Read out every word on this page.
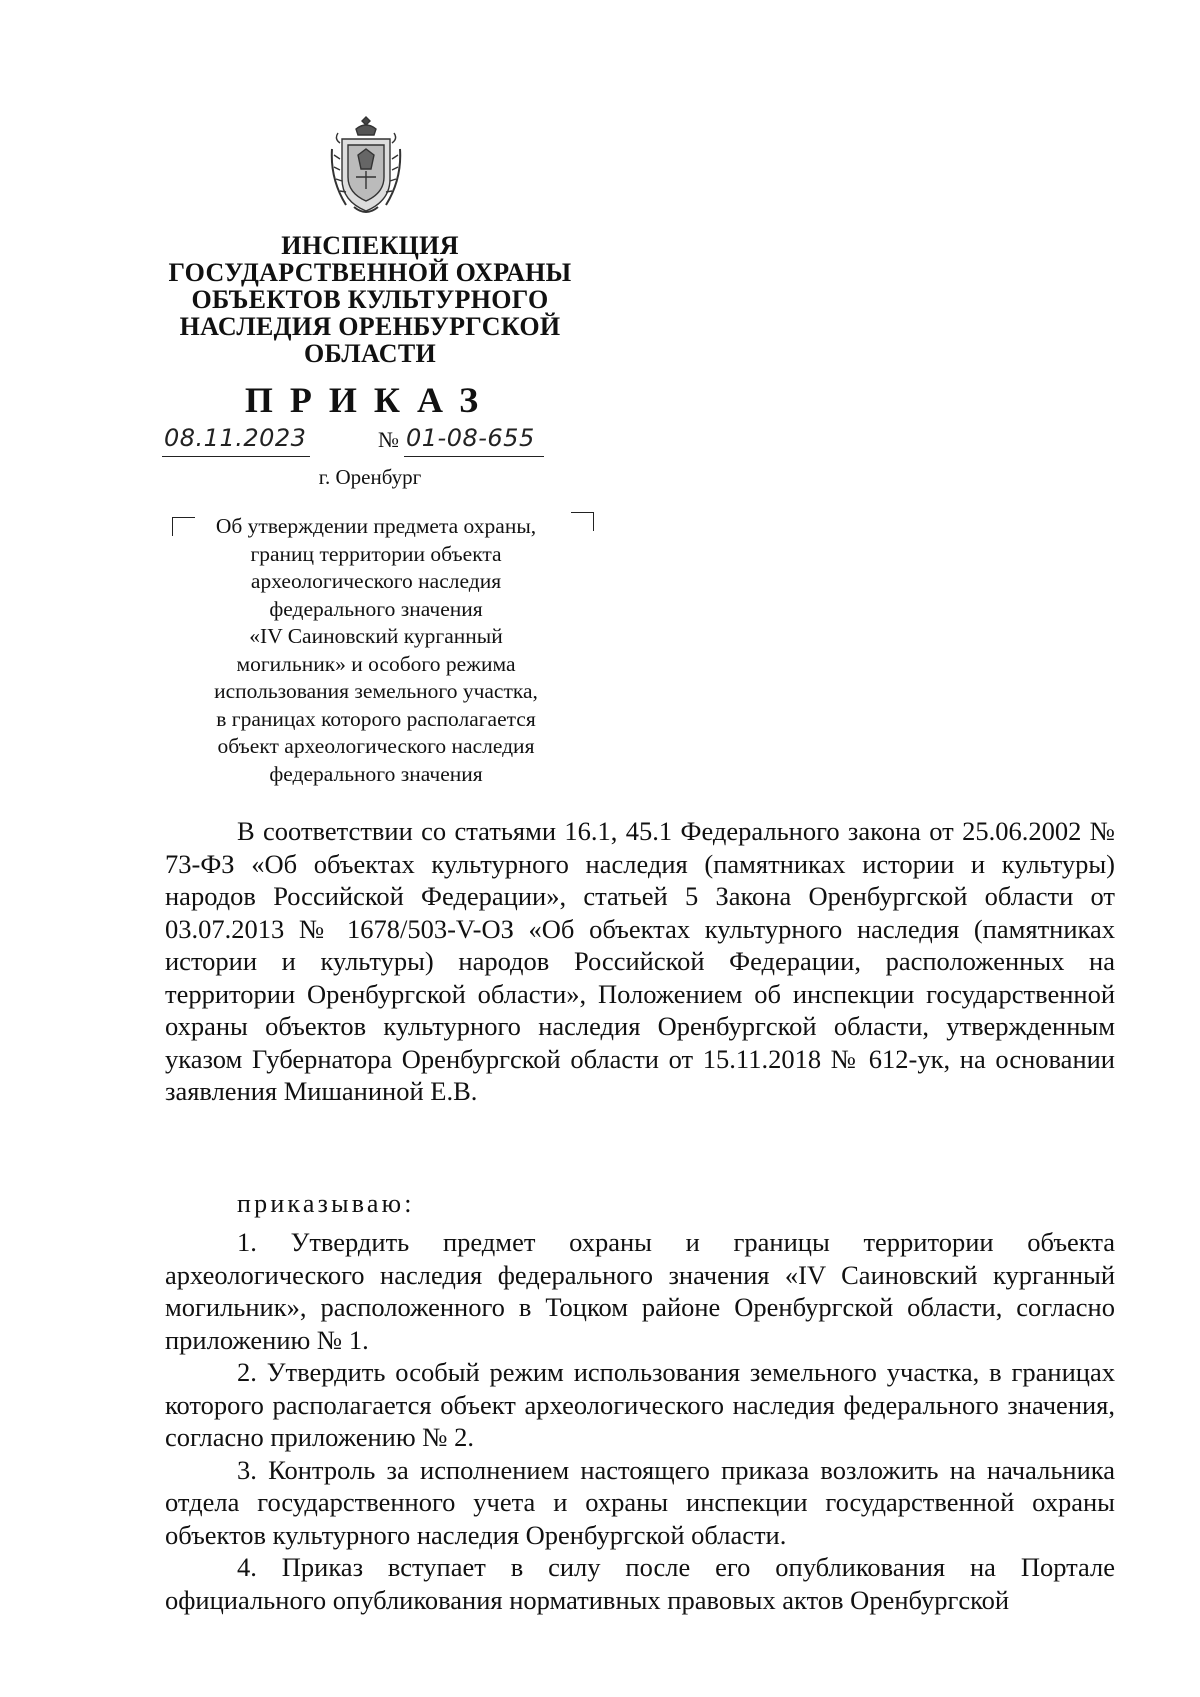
ИНСПЕКЦИЯ
ГОСУДАРСТВЕННОЙ ОХРАНЫ
ОБЪЕКТОВ КУЛЬТУРНОГО
НАСЛЕДИЯ ОРЕНБУРГСКОЙ
ОБЛАСТИ
ПРИКАЗ
08.11.2023	№ 01-08-655
г. Оренбург
Об утверждении предмета охраны,
границ территории объекта
археологического наследия
федерального значения
«IV Саиновский курганный
могильник» и особого режима
использования земельного участка,
в границах которого располагается
объект археологического наследия
федерального значения

В соответствии со статьями 16.1, 45.1 Федерального закона от 25.06.2002 № 73-ФЗ «Об объектах культурного наследия (памятниках истории и культуры) народов Российской Федерации», статьей 5 Закона Оренбургской области от 03.07.2013 № 1678/503-V-ОЗ «Об объектах культурного наследия (памятниках истории и культуры) народов Российской Федерации, расположенных на территории Оренбургской области», Положением об инспекции государственной охраны объектов культурного наследия Оренбургской области, утвержденным указом Губернатора Оренбургской области от 15.11.2018 № 612-ук, на основании заявления Мишаниной Е.В.

приказываю:

1. Утвердить предмет охраны и границы территории объекта археологического наследия федерального значения «IV Саиновский курганный могильник», расположенного в Тоцком районе Оренбургской области, согласно приложению № 1.

2. Утвердить особый режим использования земельного участка, в границах которого располагается объект археологического наследия федерального значения, согласно приложению № 2.

3. Контроль за исполнением настоящего приказа возложить на начальника отдела государственного учета и охраны инспекции государственной охраны объектов культурного наследия Оренбургской области.

4. Приказ вступает в силу после его опубликования на Портале официального опубликования нормативных правовых актов Оренбургской
